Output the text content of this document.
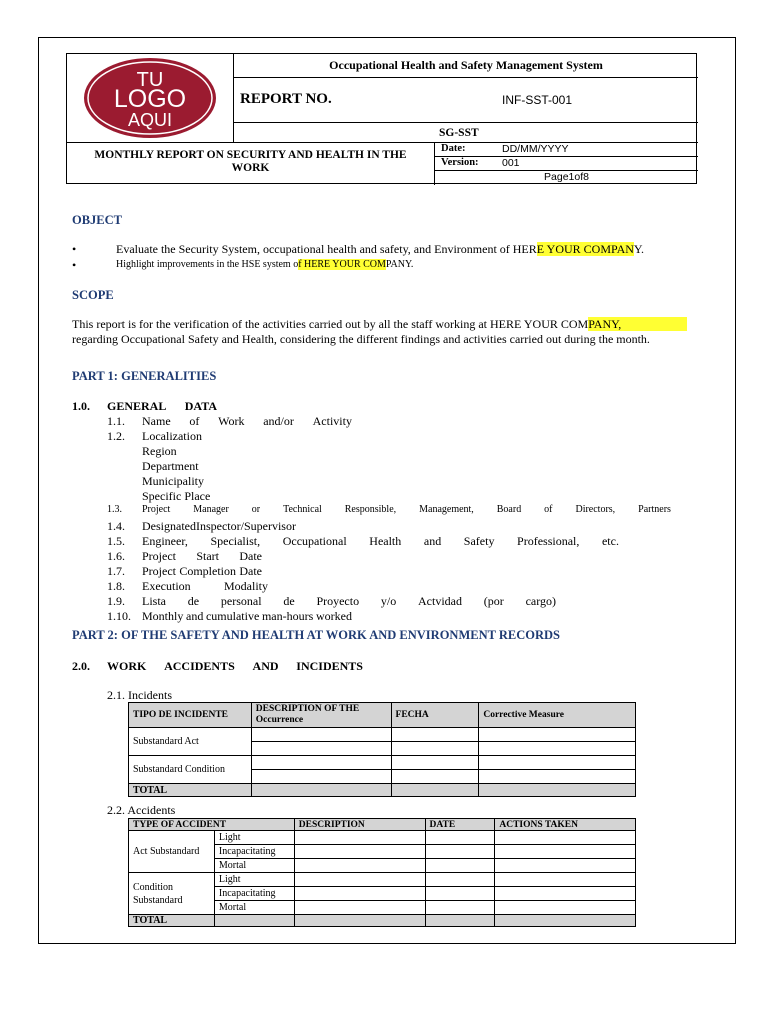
TU
LOGO
AQUI
Occupational Health and Safety Management System
REPORT NO.	INF-SST-001
SG-SST
MONTHLY REPORT ON SECURITY AND HEALTH IN THE WORK
Date:	DD/MM/YYYY
Version: 001
Page1of8
OBJECT
•	Evaluate the Security System, occupational health and safety, and Environment of HERE YOUR COMPANY.
•	Highlight improvements in the HSE system of HERE YOUR COMPANY.
SCOPE
This report is for the verification of the activities carried out by all the staff working at HERE YOUR COMPANY,
regarding Occupational Safety and Health, considering the different findings and activities carried out during the month.
PART 1: GENERALITIES
1.0. GENERAL DATA
1.1. Name of Work and/or Activity
1.2. Localization
Region
Department
Municipality
Specific Place
1.3. Project Manager or Technical Responsible, Management, Board of Directors, Partners
1.4. Designated Inspector/Supervisor
1.5. Engineer, Specialist, Occupational Health and Safety Professional, etc.
1.6. Project Start Date
1.7. Project Completion Date
1.8. Execution	Modality
1.9. Lista de personal de Proyecto y/o Actvidad (por cargo)
1.10. Monthly and cumulative man-hours worked
PART 2: OF THE SAFETY AND HEALTH AT WORK AND ENVIRONMENT RECORDS
2.0. WORK ACCIDENTS AND INCIDENTS
2.1. Incidents
TIPO DE INCIDENTE	DESCRIPTION OF THE Occurrence	FECHA	Corrective Measure
Substandard Act			

Substandard Condition			

TOTAL			
2.2. Accidents
TYPE OF ACCIDENT		DESCRIPTION	DATE	ACTIONS TAKEN
Act Substandard	Light			
	Incapacitating			
	Mortal			
Condition Substandard	Light			
	Incapacitating			
	Mortal			
TOTAL				
